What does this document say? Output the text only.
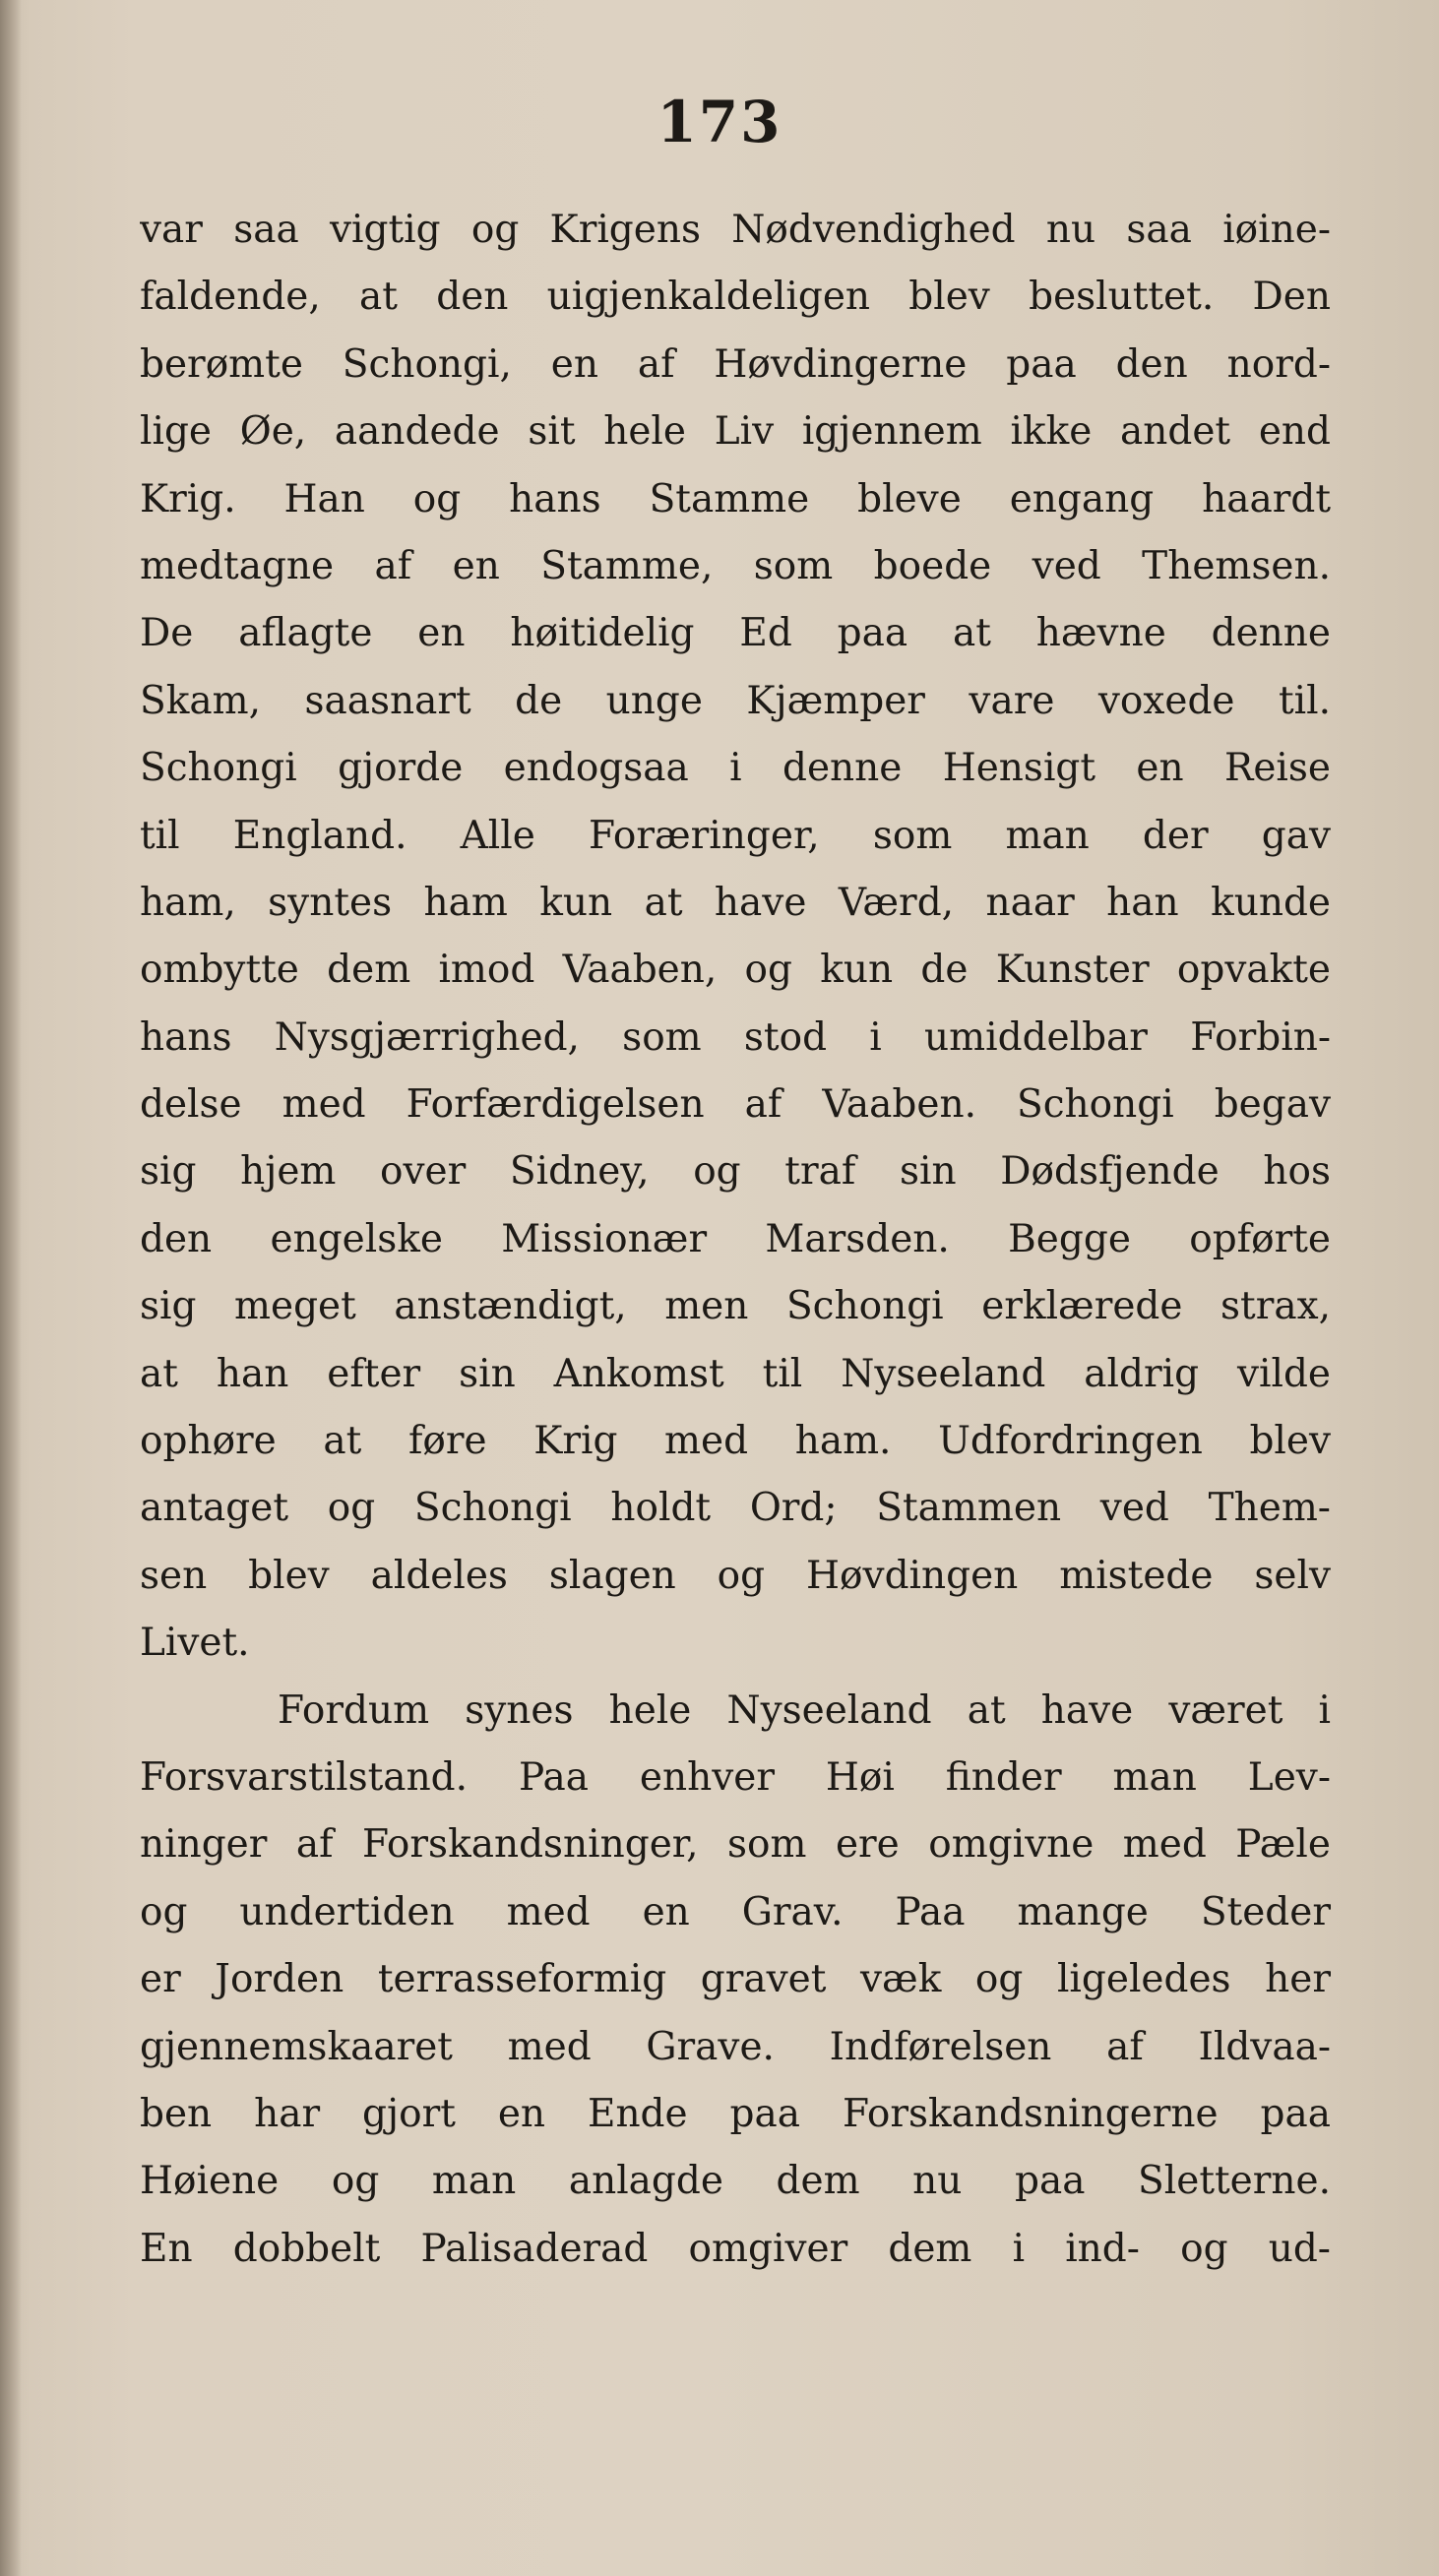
173
var saa vigtig og Krigens Nødvendighed nu saa iøine-
faldende, at den uigjenkaldeligen blev besluttet. Den
berømte Schongi, en af Høvdingerne paa den nord-
lige Øe, aandede sit hele Liv igjennem ikke andet end
Krig. Han og hans Stamme bleve engang haardt
medtagne af en Stamme, som boede ved Themsen.
De aflagte en høitidelig Ed paa at hævne denne
Skam, saasnart de unge Kjæmper vare voxede til.
Schongi gjorde endogsaa i denne Hensigt en Reise
til England. Alle Foræringer, som man der gav
ham, syntes ham kun at have Værd, naar han kunde
ombytte dem imod Vaaben, og kun de Kunster opvakte
hans Nysgjærrighed, som stod i umiddelbar Forbin-
delse med Forfærdigelsen af Vaaben. Schongi begav
sig hjem over Sidney, og traf sin Dødsfjende hos
den engelske Missionær Marsden. Begge opførte
sig meget anstændigt, men Schongi erklærede strax,
at han efter sin Ankomst til Nyseeland aldrig vilde
ophøre at føre Krig med ham. Udfordringen blev
antaget og Schongi holdt Ord; Stammen ved Them-
sen blev aldeles slagen og Høvdingen mistede selv
Livet.
Fordum synes hele Nyseeland at have været i
Forsvarstilstand. Paa enhver Høi finder man Lev-
ninger af Forskandsninger, som ere omgivne med Pæle
og undertiden med en Grav. Paa mange Steder
er Jorden terrasseformig gravet væk og ligeledes her
gjennemskaaret med Grave. Indførelsen af Ildvaa-
ben har gjort en Ende paa Forskandsningerne paa
Høiene og man anlagde dem nu paa Sletterne.
En dobbelt Palisaderad omgiver dem i ind- og ud-
